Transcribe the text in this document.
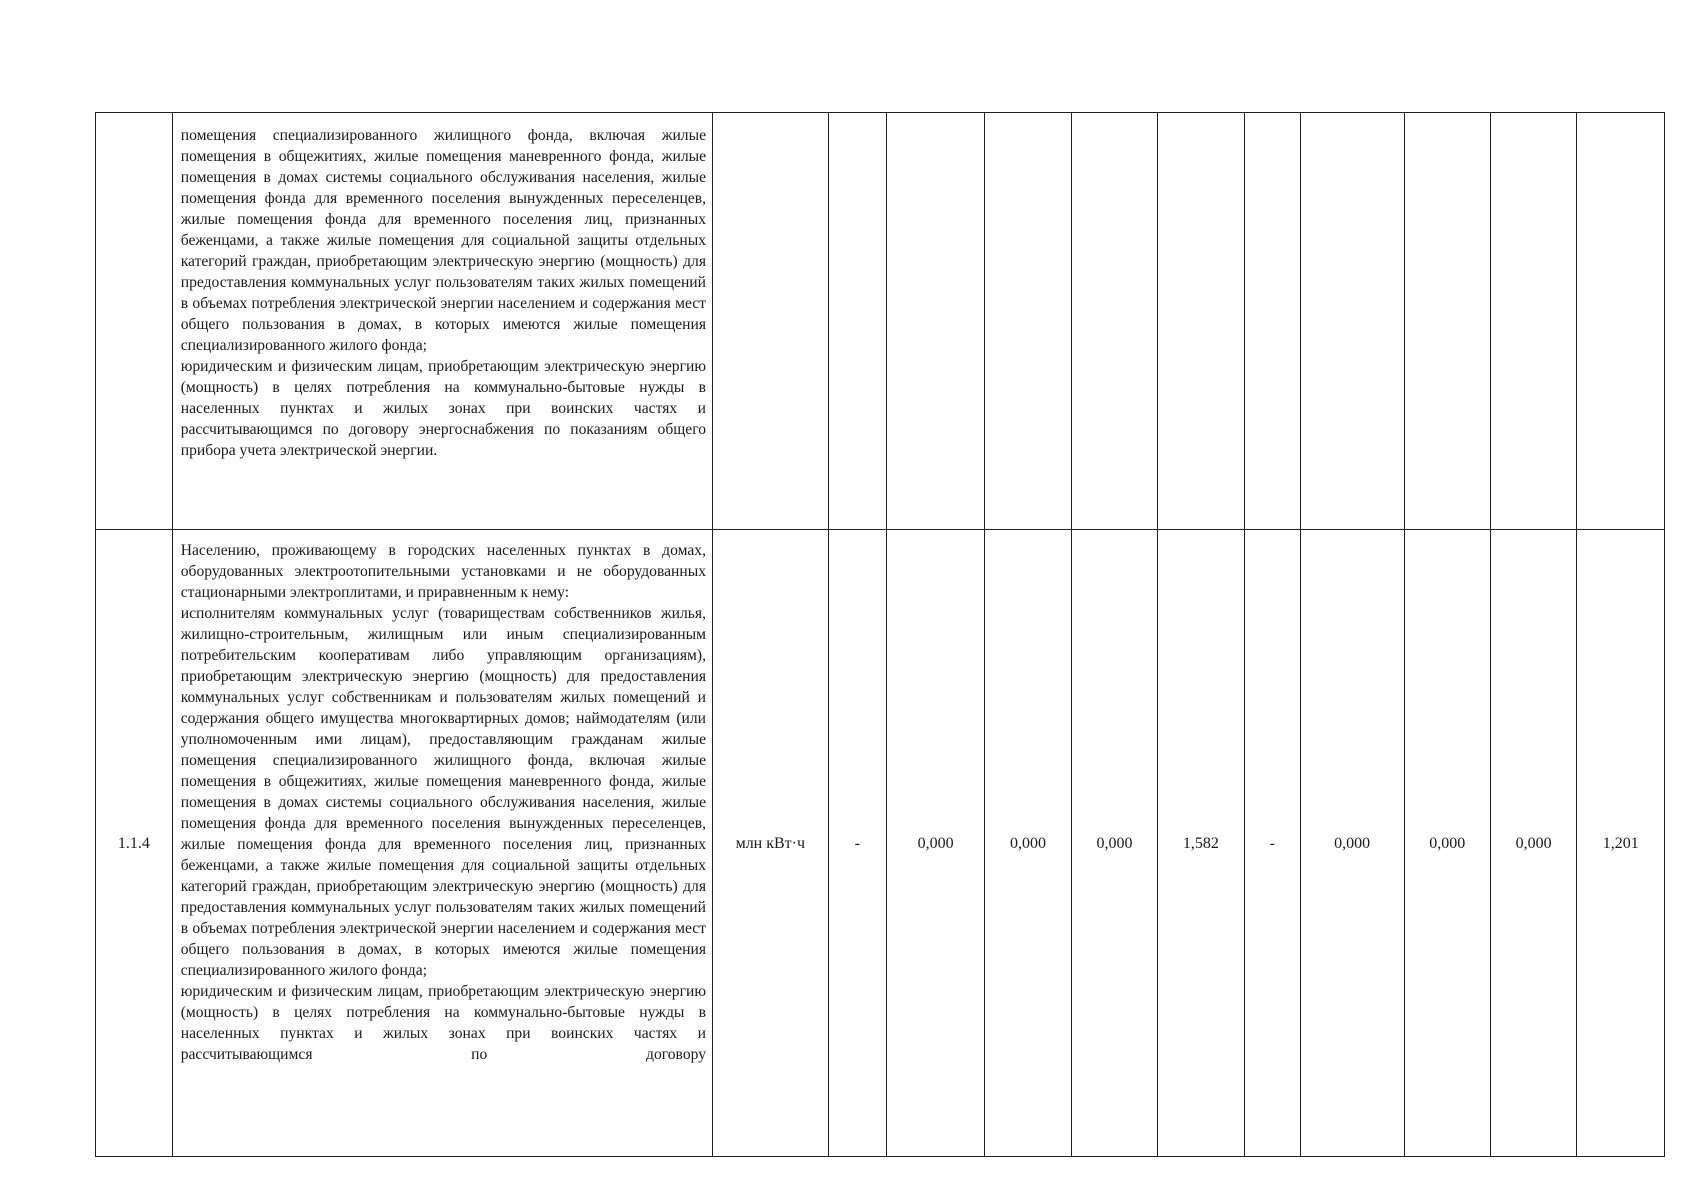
	помещения специализированного жилищного фонда, включая жилые помещения в общежитиях, жилые помещения маневренного фонда, жилые помещения в домах системы социального обслуживания населения, жилые помещения фонда для временного поселения вынужденных переселенцев, жилые помещения фонда для временного поселения лиц, признанных беженцами, а также жилые помещения для социальной защиты отдельных категорий граждан, приобретающим электрическую энергию (мощность) для предоставления коммунальных услуг пользователям таких жилых помещений в объемах потребления электрической энергии населением и содержания мест общего пользования в домах, в которых имеются жилые помещения специализированного жилого фонда;

юридическим и физическим лицам, приобретающим электрическую энергию (мощность) в целях потребления на коммунально-бытовые нужды в населенных пунктах и жилых зонах при воинских частях и рассчитывающимся по договору энергоснабжения по показаниям общего прибора учета электрической энергии.											

1.1.4	Населению, проживающему в городских населенных пунктах в домах, оборудованных электроотопительными установками и не оборудованных стационарными электроплитами, и приравненным к нему:

исполнителям коммунальных услуг (товариществам собственников жилья, жилищно-строительным, жилищным или иным специализированным потребительским кооперативам либо управляющим организациям), приобретающим электрическую энергию (мощность) для предоставления коммунальных услуг собственникам и пользователям жилых помещений и содержания общего имущества многоквартирных домов; наймодателям (или уполномоченным ими лицам), предоставляющим гражданам жилые помещения специализированного жилищного фонда, включая жилые помещения в общежитиях, жилые помещения маневренного фонда, жилые помещения в домах системы социального обслуживания населения, жилые помещения фонда для временного поселения вынужденных переселенцев, жилые помещения фонда для временного поселения лиц, признанных беженцами, а также жилые помещения для социальной защиты отдельных категорий граждан, приобретающим электрическую энергию (мощность) для предоставления коммунальных услуг пользователям таких жилых помещений в объемах потребления электрической энергии населением и содержания мест общего пользования в домах, в которых имеются жилые помещения специализированного жилого фонда;

юридическим и физическим лицам, приобретающим электрическую энергию (мощность) в целях потребления на коммунально-бытовые нужды в населенных пунктах и жилых зонах при воинских частях и рассчитывающимся по договору	млн кВт·ч	-	0,000	0,000	0,000	1,582	-	0,000	0,000	0,000	1,201
